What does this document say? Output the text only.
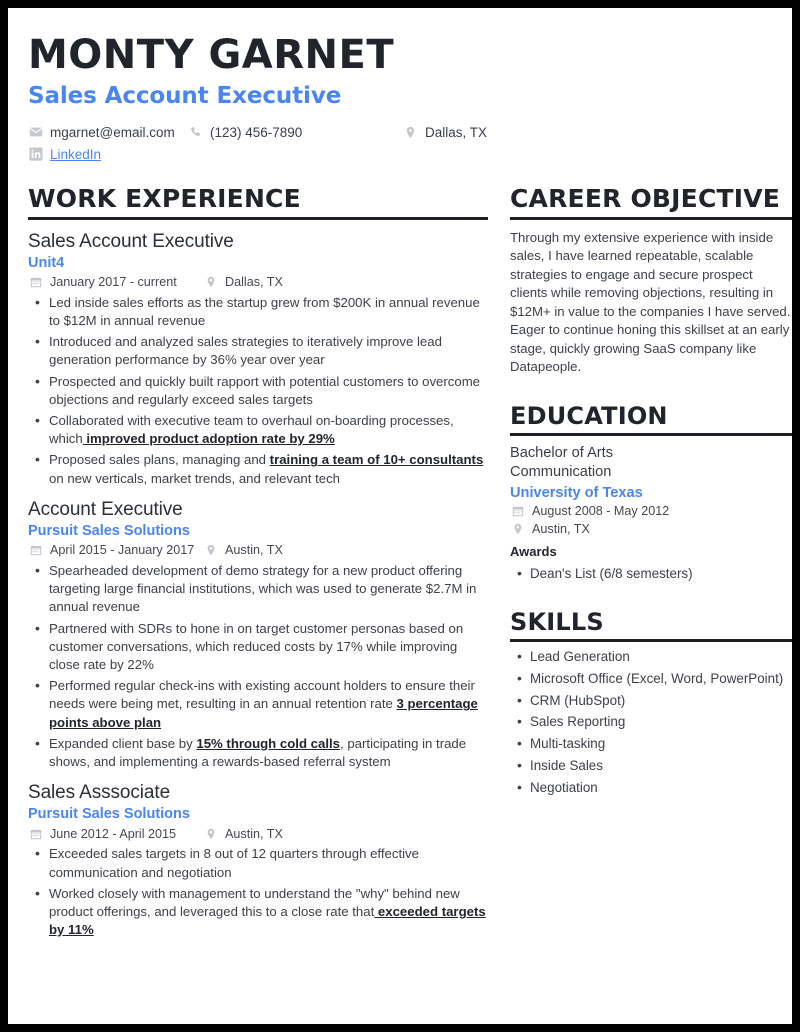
MONTY GARNET
Sales Account Executive
mgarnet@email.com	(123) 456-7890	Dallas, TX
LinkedIn
WORK EXPERIENCE
Sales Account Executive
Unit4
January 2017 - current	Dallas, TX
• Led inside sales efforts as the startup grew from $200K in annual revenue to $12M in annual revenue
• Introduced and analyzed sales strategies to iteratively improve lead generation performance by 36% year over year
• Prospected and quickly built rapport with potential customers to overcome objections and regularly exceed sales targets
• Collaborated with executive team to overhaul on-boarding processes, which improved product adoption rate by 29%
• Proposed sales plans, managing and training a team of 10+ consultants on new verticals, market trends, and relevant tech
Account Executive
Pursuit Sales Solutions
April 2015 - January 2017 Austin, TX
• Spearheaded development of demo strategy for a new product offering targeting large financial institutions, which was used to generate $2.7M in annual revenue
• Partnered with SDRs to hone in on target customer personas based on customer conversations, which reduced costs by 17% while improving close rate by 22%
• Performed regular check-ins with existing account holders to ensure their needs were being met, resulting in an annual retention rate 3 percentage points above plan
• Expanded client base by 15% through cold calls, participating in trade shows, and implementing a rewards-based referral system
Sales Asssociate
Pursuit Sales Solutions
June 2012 - April 2015	Austin, TX
• Exceeded sales targets in 8 out of 12 quarters through effective communication and negotiation
• Worked closely with management to understand the "why" behind new product offerings, and leveraged this to a close rate that exceeded targets by 11%
CAREER OBJECTIVE
Through my extensive experience with inside sales, I have learned repeatable, scalable strategies to engage and secure prospect clients while removing objections, resulting in $12M+ in value to the companies I have served. Eager to continue honing this skillset at an early stage, quickly growing SaaS company like Datapeople.
EDUCATION
Bachelor of Arts
Communication
University of Texas
August 2008 - May 2012
Austin, TX
Awards
• Dean's List (6/8 semesters)
SKILLS
• Lead Generation
• Microsoft Office (Excel, Word, PowerPoint)
• CRM (HubSpot)
• Sales Reporting
• Multi-tasking
• Inside Sales
• Negotiation
